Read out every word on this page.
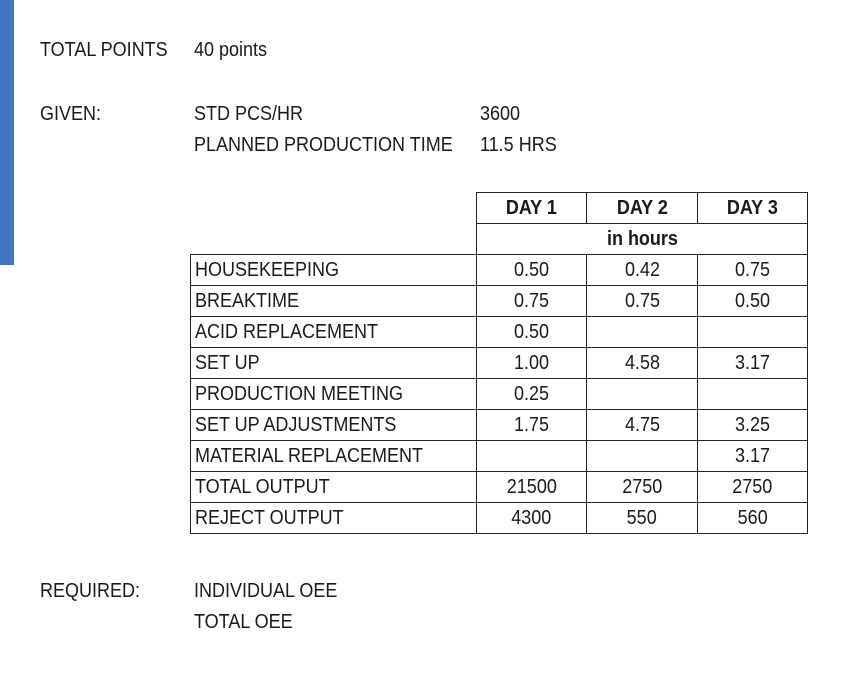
TOTAL POINTS 40 points
GIVEN:	STD PCS/HR	3600
PLANNED PRODUCTION TIME 11.5 HRS
	DAY 1	DAY 2	DAY 3
	in hours		
HOUSEKEEPING	0.50	0.42	0.75
BREAKTIME	0.75	0.75	0.50
ACID REPLACEMENT	0.50		
SET UP	1.00	4.58	3.17
PRODUCTION MEETING	0.25		
SET UP ADJUSTMENTS	1.75	4.75	3.25
MATERIAL REPLACEMENT			3.17
TOTAL OUTPUT	21500	2750	2750
REJECT OUTPUT	4300	550	560
REQUIRED:	INDIVIDUAL OEE
TOTAL OEE
